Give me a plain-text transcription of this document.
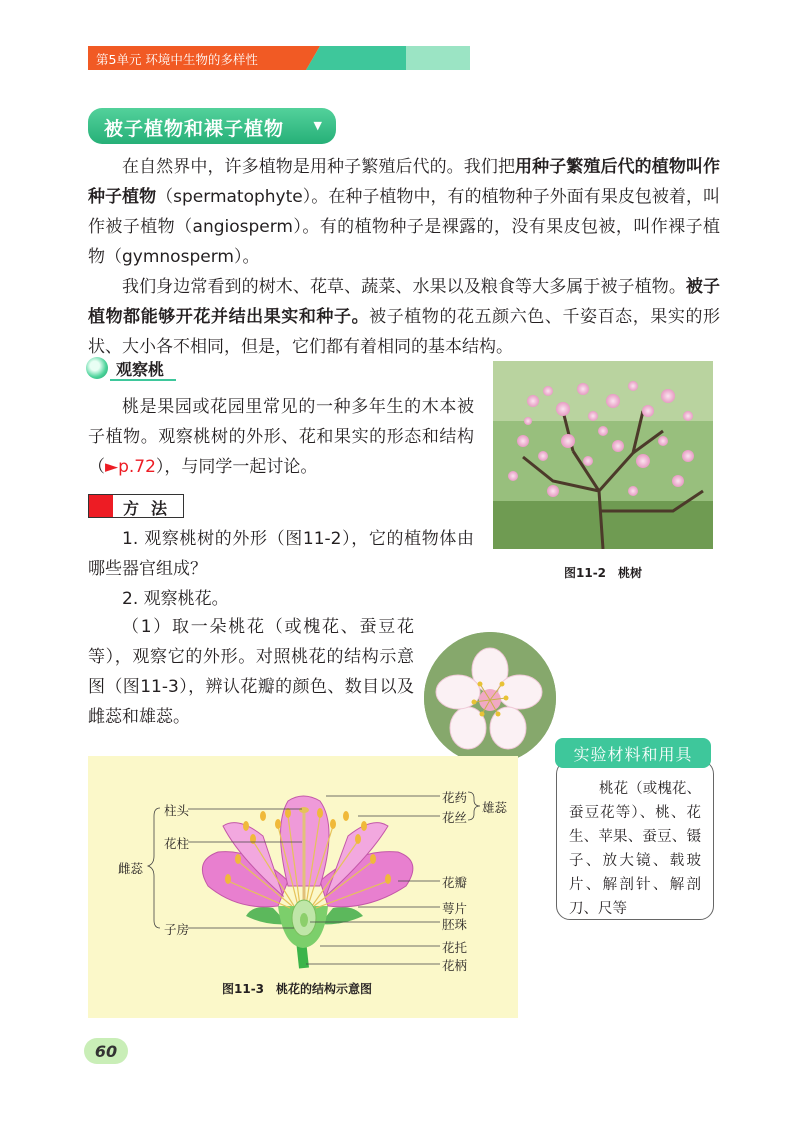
第5单元 环境中生物的多样性
被子植物和裸子植物	▼

在自然界中，许多植物是用种子繁殖后代的。我们把用种子繁殖后代的植物叫作种子植物（spermatophyte）。在种子植物中，有的植物种子外面有果皮包被着，叫作被子植物（angiosperm）。有的植物种子是裸露的，没有果皮包被，叫作裸子植物（gymnosperm）。

我们身边常看到的树木、花草、蔬菜、水果以及粮食等大多属于被子植物。被子植物都能够开花并结出果实和种子。被子植物的花五颜六色、千姿百态，果实的形状、大小各不相同，但是，它们都有着相同的基本结构。

观察桃

桃是果园或花园里常见的一种多年生的木本被子植物。观察桃树的外形、花和果实的形态和结构（►p.72），与同学一起讨论。

方法

1. 观察桃树的外形（图11-2），它的植物体由哪些器官组成？

2. 观察桃花。

（1）取一朵桃花（或槐花、蚕豆花等），观察它的外形。对照桃花的结构示意图（图11-3），辨认花瓣的颜色、数目以及雌蕊和雄蕊。

图11-2　桃树
柱头
花柱
雌蕊
子房
花药
花丝
雄蕊
花瓣
萼片
胚珠
花托
花柄
图11-3　桃花的结构示意图
桃花（或槐花、蚕豆花等）、桃、花生、苹果、蚕豆、镊子、放大镜、载玻片、解剖针、解剖刀、尺等
实验材料和用具
60
